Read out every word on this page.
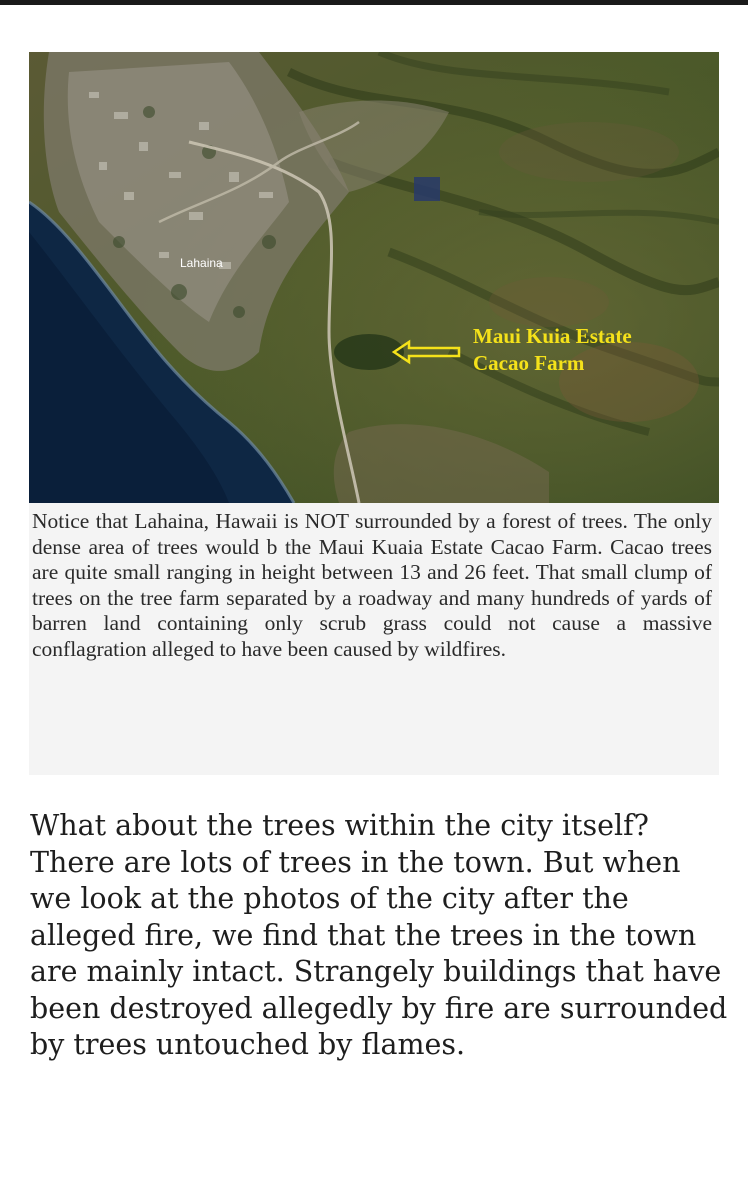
Lahaina
Maui Kuia Estate
Cacao Farm

Notice that Lahaina, Hawaii is NOT surrounded by a forest of trees. The only dense area of trees would b the Maui Kuaia Estate Cacao Farm. Cacao trees are quite small ranging in height between 13 and 26 feet. That small clump of trees on the tree farm separated by a roadway and many hundreds of yards of barren land containing only scrub grass could not cause a massive conflagration alleged to have been caused by wildfires.

What about the trees within the city itself? There are lots of trees in the town. But when we look at the photos of the city after the alleged fire, we find that the trees in the town are mainly intact. Strangely buildings that have been destroyed allegedly by fire are surrounded by trees untouched by flames.
